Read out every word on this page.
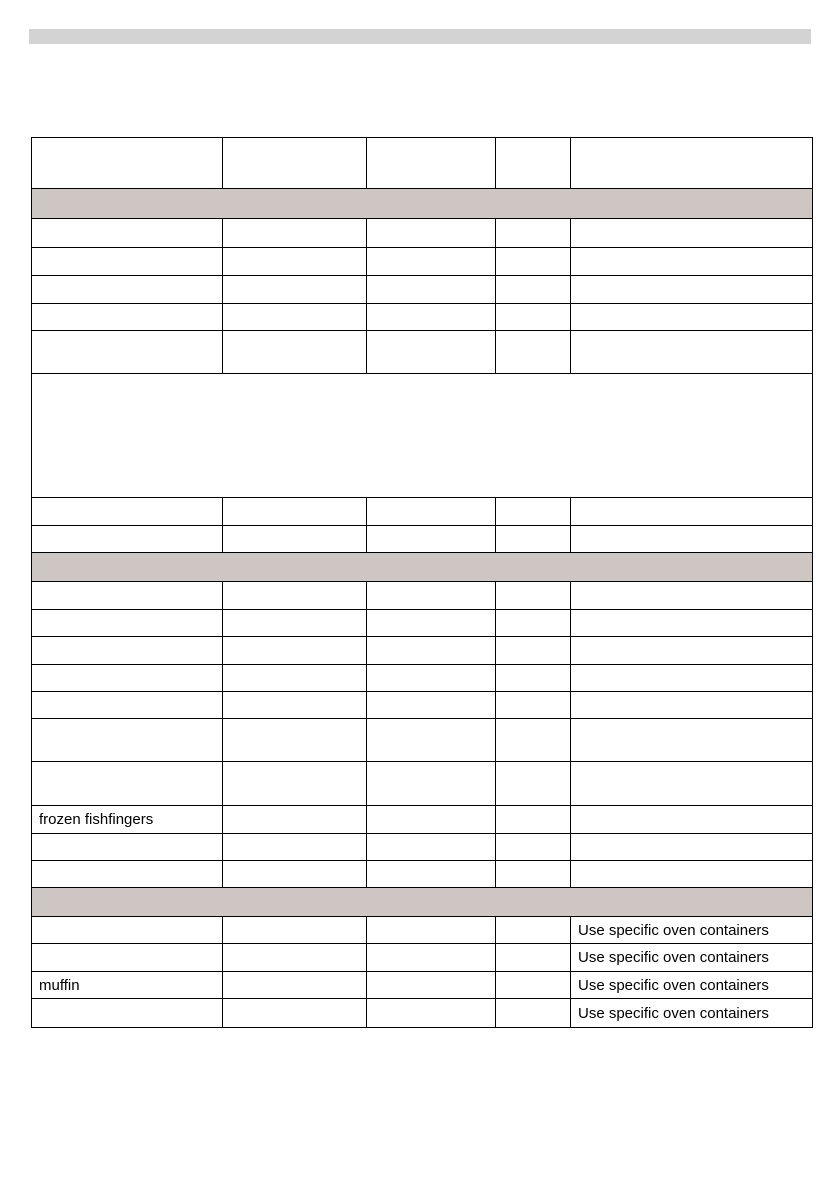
frozen fishfingers				

				Use specific oven containers
				Use specific oven containers
muffin				Use specific oven containers
				Use specific oven containers
